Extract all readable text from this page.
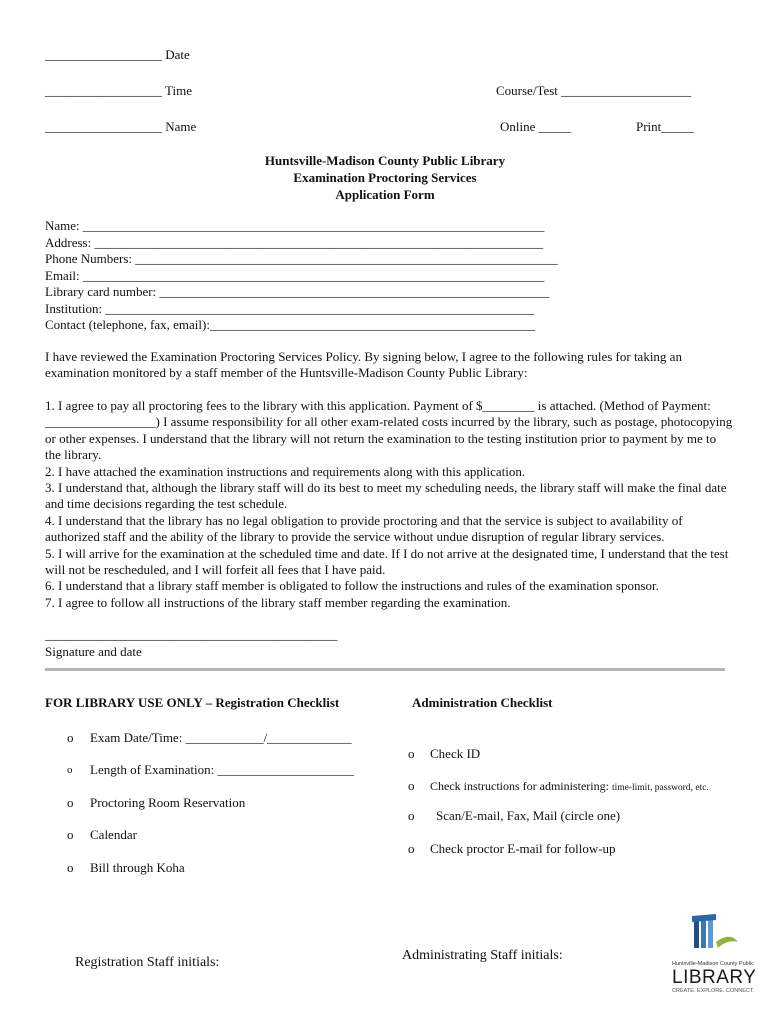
__________________ Date
__________________ Time
__________________ Name
Course/Test ____________________
Online _____	Print_____
Huntsville-Madison County Public Library
Examination Proctoring Services
Application Form
Name: _______________________________________________________________________
Address: _____________________________________________________________________
Phone Numbers: _________________________________________________________________
Email: _______________________________________________________________________
Library card number: ____________________________________________________________
Institution: __________________________________________________________________
Contact (telephone, fax, email):__________________________________________________
I have reviewed the Examination Proctoring Services Policy. By signing below, I agree to the following rules for taking an examination monitored by a staff member of the Huntsville-Madison County Public Library:
1. I agree to pay all proctoring fees to the library with this application. Payment of $________ is attached. (Method of Payment: _________________) I assume responsibility for all other exam-related costs incurred by the library, such as postage, photocopying or other expenses. I understand that the library will not return the examination to the testing institution prior to payment by me to the library.
2. I have attached the examination instructions and requirements along with this application.
3. I understand that, although the library staff will do its best to meet my scheduling needs, the library staff will make the final date and time decisions regarding the test schedule.
4. I understand that the library has no legal obligation to provide proctoring and that the service is subject to availability of authorized staff and the ability of the library to provide the service without undue disruption of regular library services.
5. I will arrive for the examination at the scheduled time and date. If I do not arrive at the designated time, I understand that the test will not be rescheduled, and I will forfeit all fees that I have paid.
6. I understand that a library staff member is obligated to follow the instructions and rules of the examination sponsor.
7. I agree to follow all instructions of the library staff member regarding the examination.
_____________________________________________
Signature and date
FOR LIBRARY USE ONLY – Registration Checklist
o Exam Date/Time: ____________/_____________
o Length of Examination: _____________________
o Proctoring Room Reservation
o Calendar
o Bill through Koha
Registration Staff initials:
Administration Checklist
o Check ID
o Check instructions for administering: time-limit, password, etc.
o Scan/E-mail, Fax, Mail (circle one)
o Check proctor E-mail for follow-up
Administrating Staff initials:
Huntsville-Madison County Public
LIBRARY
CREATE. EXPLORE. CONNECT.
